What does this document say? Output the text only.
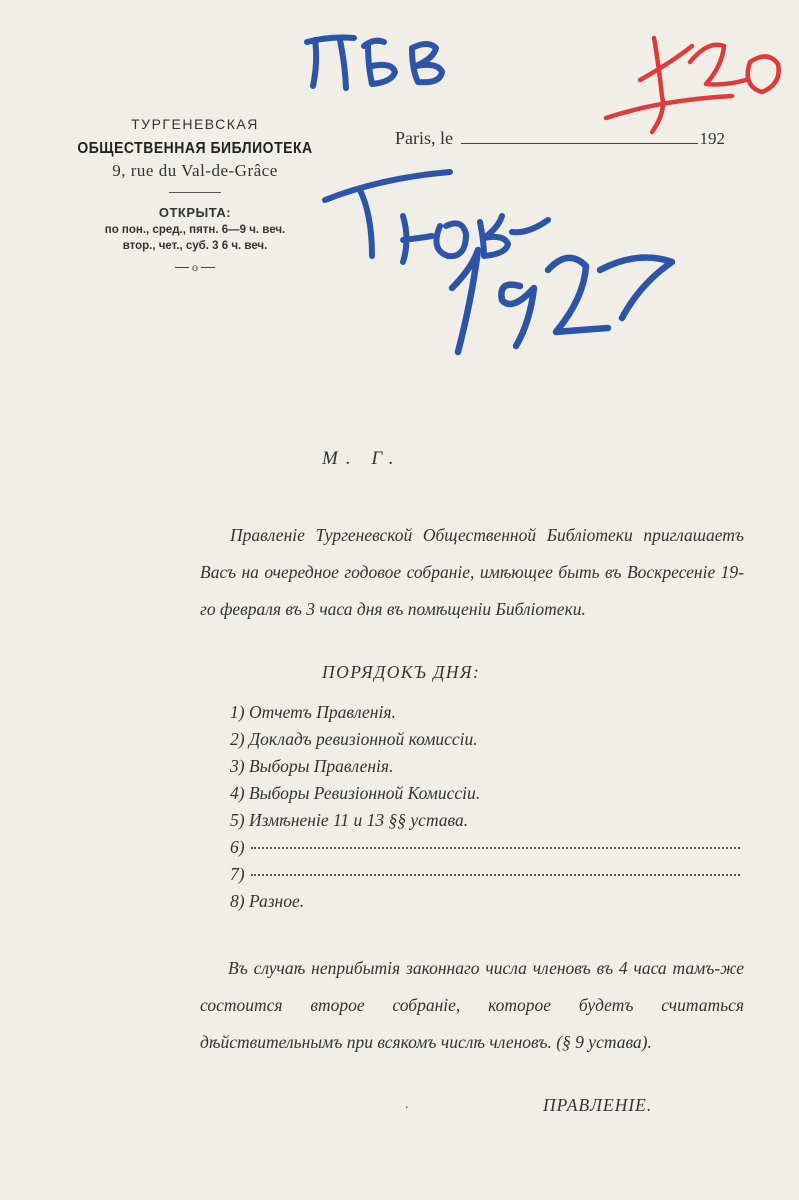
ТУРГЕНЕВСКАЯ
ОБЩЕСТВЕННАЯ БИБЛИОТЕКА
9, rue du Val-de-Grâce
ОТКРЫТА:
по пон., сред., пятн. 6—9 ч. веч.
втор., чет., суб. 3 6 ч. веч.
o
Paris, le	192
М. Г.

Правленіе Тургеневской Общественной Библіотеки приглашаетъ Васъ на очередное годовое собраніе, имѣющее быть въ Воскресеніе 19-го февраля въ 3 часа дня въ помѣщеніи Библіотеки.

ПОРЯДОКЪ ДНЯ:
1) Отчетъ Правленія.
2) Докладъ ревизіонной комиссіи.
3) Выборы Правленія.
4) Выборы Ревизіонной Комиссіи.
5) Измѣненіе 11 и 13 §§ устава.
6)
7)
8) Разное.

Въ случаѣ неприбытія законнаго числа членовъ въ 4 часа тамъ-же состоится второе собраніе, которое будетъ считаться дѣйствительнымъ при всякомъ числѣ членовъ. (§ 9 устава).

.	ПРАВЛЕНІЕ.
